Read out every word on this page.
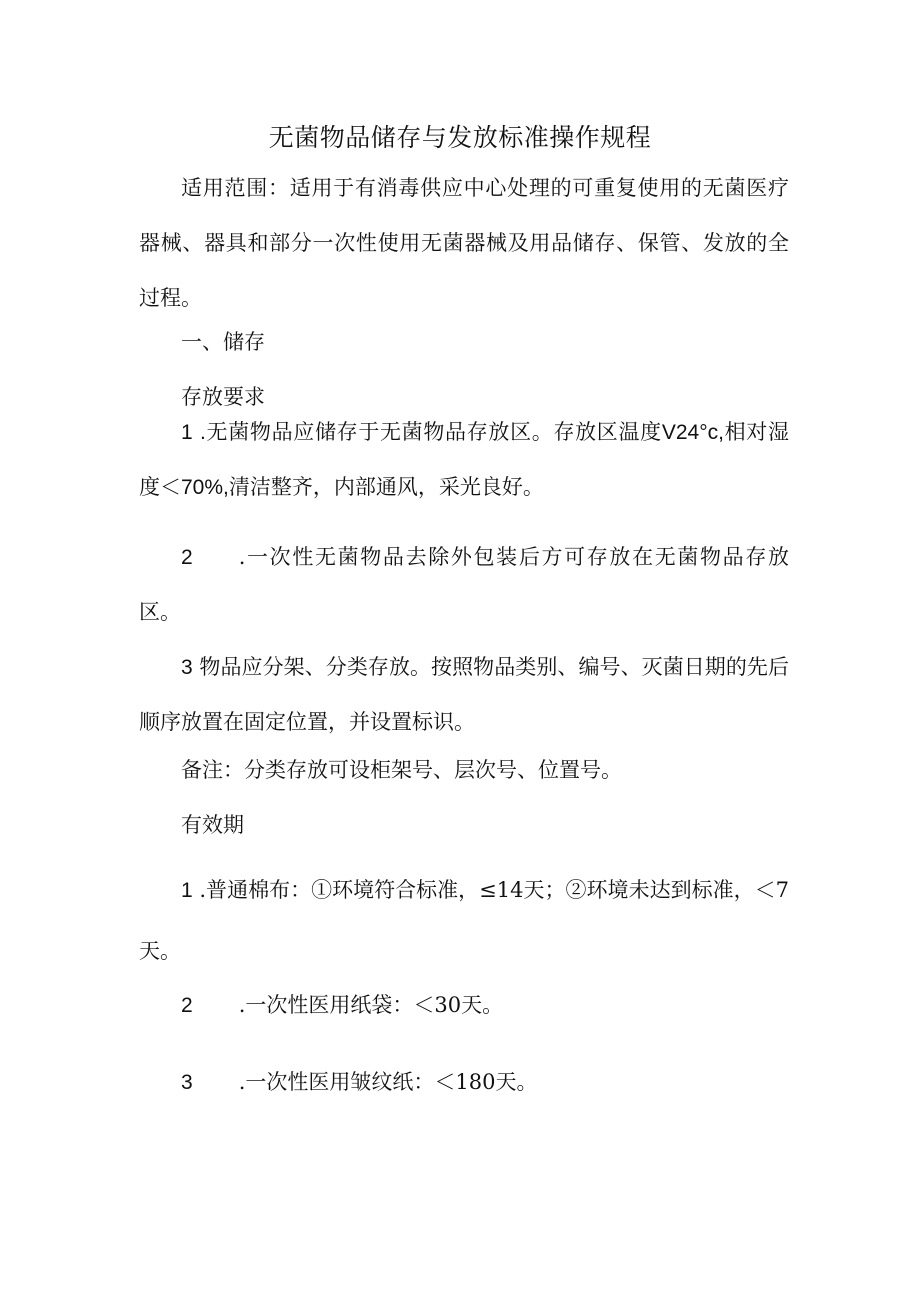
无菌物品储存与发放标准操作规程

适用范围：适用于有消毒供应中心处理的可重复使用的无菌医疗器械、器具和部分一次性使用无菌器械及用品储存、保管、发放的全过程。

一、储存

存放要求

1 .无菌物品应储存于无菌物品存放区。存放区温度V24°c,相对湿度＜70%,清洁整齐，内部通风，采光良好。

2 .一次性无菌物品去除外包装后方可存放在无菌物品存放区。

3 物品应分架、分类存放。按照物品类别、编号、灭菌日期的先后顺序放置在固定位置，并设置标识。

备注：分类存放可设柜架号、层次号、位置号。

有效期

1 .普通棉布：①环境符合标准，≤14天；②环境未达到标准，＜7天。

2 .一次性医用纸袋：＜30天。

3 .一次性医用皱纹纸：＜180天。
